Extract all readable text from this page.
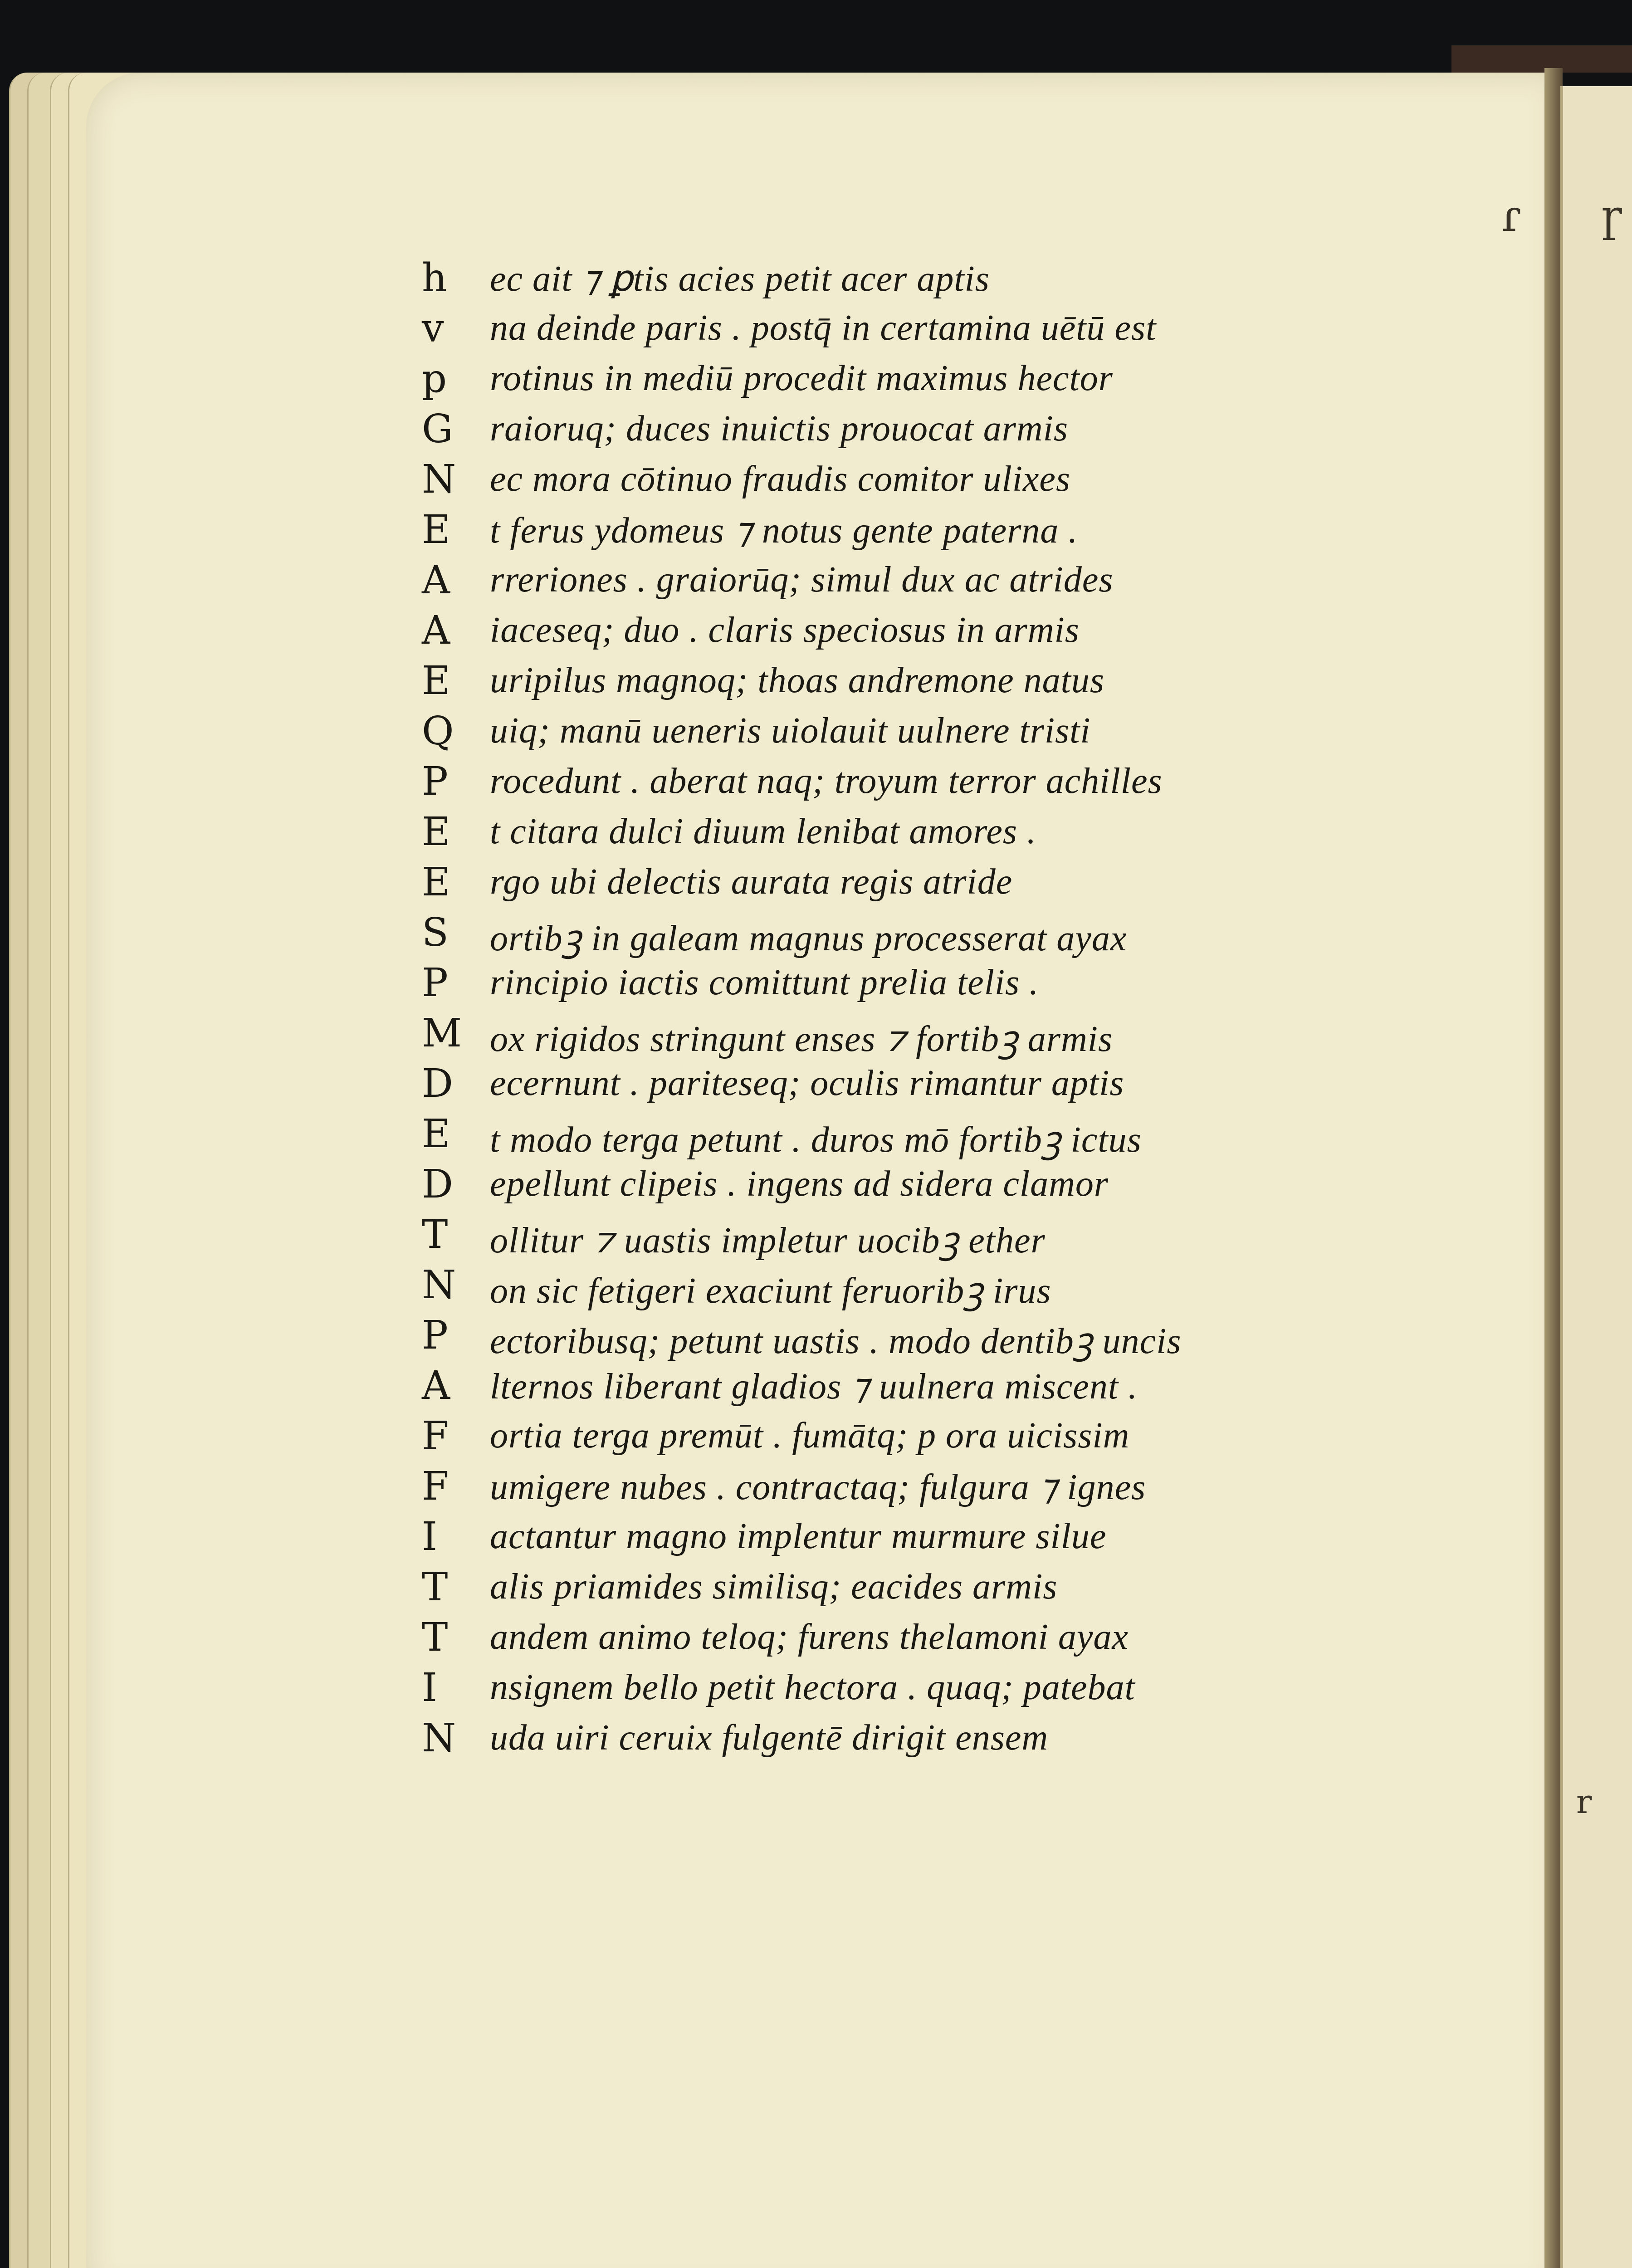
ɾ ɼ
r
h	ec ait ⁊ ꝑtis acies petit acer aptis
v	na deinde paris . postq̄ in certamina uētū est
p	rotinus in mediū procedit maximus hector
G raioruq; duces inuictis prouocat armis
N ec mora cōtinuo fraudis comitor ulixes
E	t ferus ydomeus ⁊ notus gente paterna .
A	rreriones . graiorūq; simul dux ac atrides
A	iaceseq; duo . claris speciosus in armis
E	uripilus magnoq; thoas andremone natus
Q uiq; manū ueneris uiolauit uulnere tristi
P	rocedunt . aberat naq; troyum terror achilles
E	t citara dulci diuum lenibat amores .
E	rgo ubi delectis aurata regis atride
S	ortibꝫ in galeam magnus processerat ayax
P	rincipio iactis comittunt prelia telis .
M ox rigidos stringunt enses ⁊ fortibꝫ armis
D ecernunt . pariteseq; oculis rimantur aptis
E	t modo terga petunt . duros mō fortibꝫ ictus
D epellunt clipeis . ingens ad sidera clamor
T	ollitur ⁊ uastis impletur uocibꝫ ether
N on sic fetigeri exaciunt feruoribꝫ irus
P	ectoribusq; petunt uastis . modo dentibꝫ uncis
A	lternos liberant gladios ⁊ uulnera miscent .
F	ortia terga premūt . fumātq; p ora uicissim
F	umigere nubes . contractaq; fulgura ⁊ ignes
I	actantur magno implentur murmure silue
T	alis priamides similisq; eacides armis
T	andem animo teloq; furens thelamoni ayax
I	nsignem bello petit hectora . quaq; patebat
N uda uiri ceruix fulgentē dirigit ensem
